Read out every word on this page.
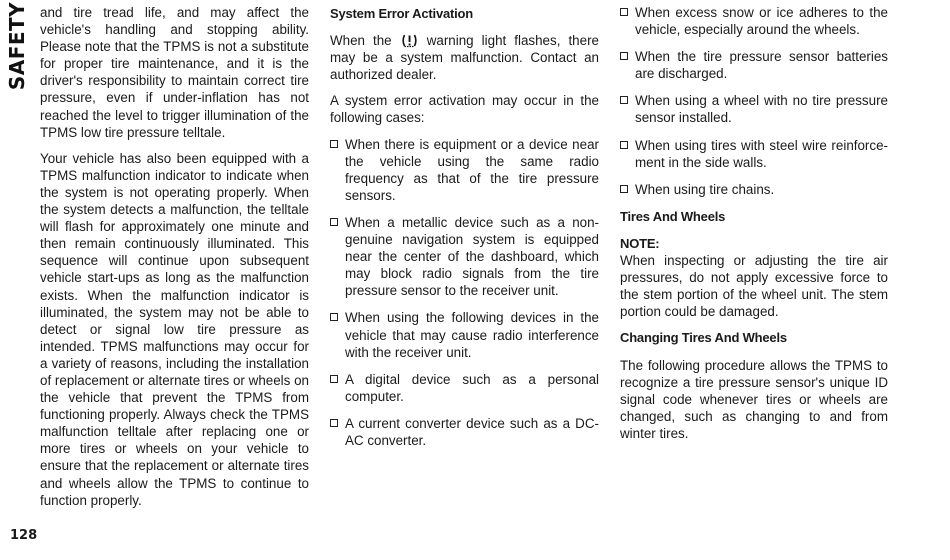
SAFETY and tire tread life, and may affect the vehicle's handling and stopping ability. Please note that the TPMS is not a substitute for proper tire maintenance, and it is the driver's responsibility to maintain correct tire pressure, even if under-inflation has not reached the level to trigger illumination of the TPMS low tire pressure telltale.

Your vehicle has also been equipped with a TPMS malfunction indicator to indicate when the system is not operating properly. When the system detects a malfunction, the telltale will flash for approximately one minute and then remain continuously illuminated. This sequence will continue upon subsequent vehicle start-ups as long as the malfunction exists. When the malfunction indicator is illuminated, the system may not be able to detect or signal low tire pressure as intended. TPMS malfunctions may occur for a variety of reasons, including the installation of replacement or alternate tires or wheels on the vehicle that prevent the TPMS from functioning properly. Always check the TPMS malfunction telltale after replacing one or more tires or wheels on your vehicle to ensure that the replacement or alternate tires and wheels allow the TPMS to continue to function properly.

System Error Activation

When the	warning light flashes, there may be a system malfunction. Contact an authorized dealer.

A system error activation may occur in the following cases:

When there is equipment or a device near the vehicle using the same radio frequency as that of the tire pressure sensors.
When a metallic device such as a non-genuine navigation system is equipped near the center of the dashboard, which may block radio signals from the tire pressure sensor to the receiver unit.
When using the following devices in the vehicle that may cause radio interference with the receiver unit.
A digital device such as a personal computer.
A current converter device such as a DC-AC converter.
When excess snow or ice adheres to the vehicle, especially around the wheels.
When the tire pressure sensor batteries are discharged.
When using a wheel with no tire pressure sensor installed.
When using tires with steel wire reinforcement in the side walls.
When using tire chains.
Tires And Wheels
NOTE:

When inspecting or adjusting the tire air pressures, do not apply excessive force to the stem portion of the wheel unit. The stem portion could be damaged.

Changing Tires And Wheels

The following procedure allows the TPMS to recognize a tire pressure sensor's unique ID signal code whenever tires or wheels are changed, such as changing to and from winter tires.

128
